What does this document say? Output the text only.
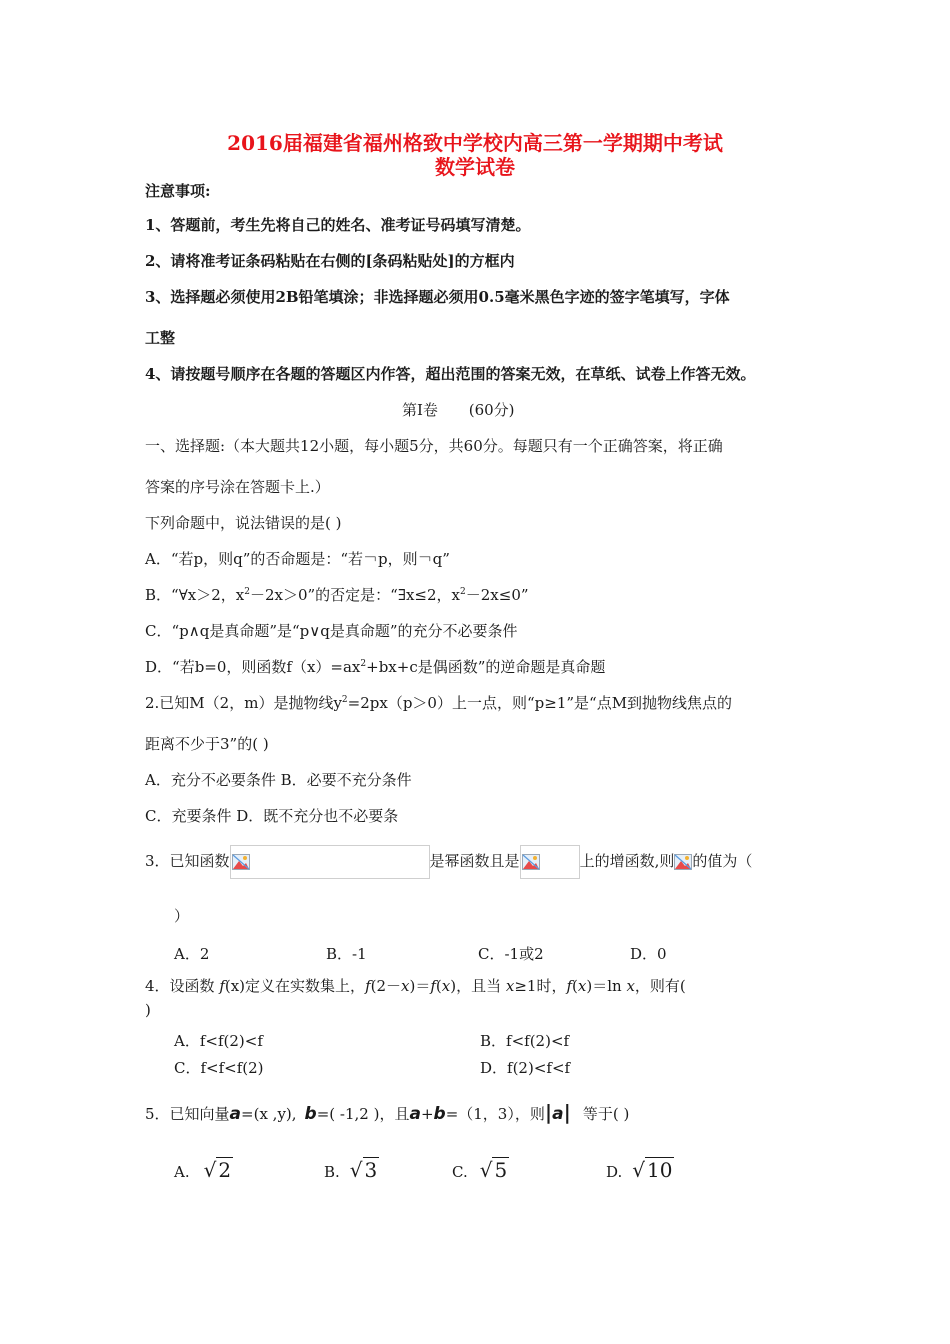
2016届福建省福州格致中学校内高三第一学期期中考试
数学试卷
注意事项:
1、答题前，考生先将自己的姓名、准考证号码填写清楚。
2、请将准考证条码粘贴在右侧的[条码粘贴处]的方框内
3、选择题必须使用2B铅笔填涂；非选择题必须用0.5毫米黑色字迹的签字笔填写，字体
工整
4、请按题号顺序在各题的答题区内作答，超出范围的答案无效，在草纸、试卷上作答无效。
第Ⅰ卷 (60分)
一、选择题:（本大题共12小题，每小题5分，共60分。每题只有一个正确答案，将正确
答案的序号涂在答题卡上.）
下列命题中，说法错误的是( )
A．“若p，则q”的否命题是：“若￢p，则￢q”
B．“∀x＞2，$x^2-2x>0$”的否定是：“∃x≤2，$x^2-2x\le 0$”
C．“p∧q是真命题”是“p∨q是真命题”的充分不必要条件
D．“若b=0，则函数$f(x)=ax^2+bx+c$是偶函数”的逆命题是真命题
2.已知M（2，m）是抛物线$y^2=2px(p>0)$上一点，则“p≥1”是“点M到抛物线焦点的
距离不少于3”的( )
A．充分不必要条件 B．必要不充分条件
C．充要条件 D．既不充分也不必要条
3．已知函数	是幂函数且是	上的增函数,则 的值为（
）
A．2	B．-1	C．-1或2	D．0
4．设函数 f(x)定义在实数集上，f(2－x)＝f(x)，且当 x≥1时，f(x)＝ln x，则有(
)
A．f<f(2)<f	B．f<f(2)<f
C．f<f<f(2)	D．f(2)<f<f
5．已知向量a=(x ,y), b=( -1,2 )，且a+b=（1，3），则|a| 等于( )
A. √ 2	B. √ 3	C. √ 5	D. √ 10
